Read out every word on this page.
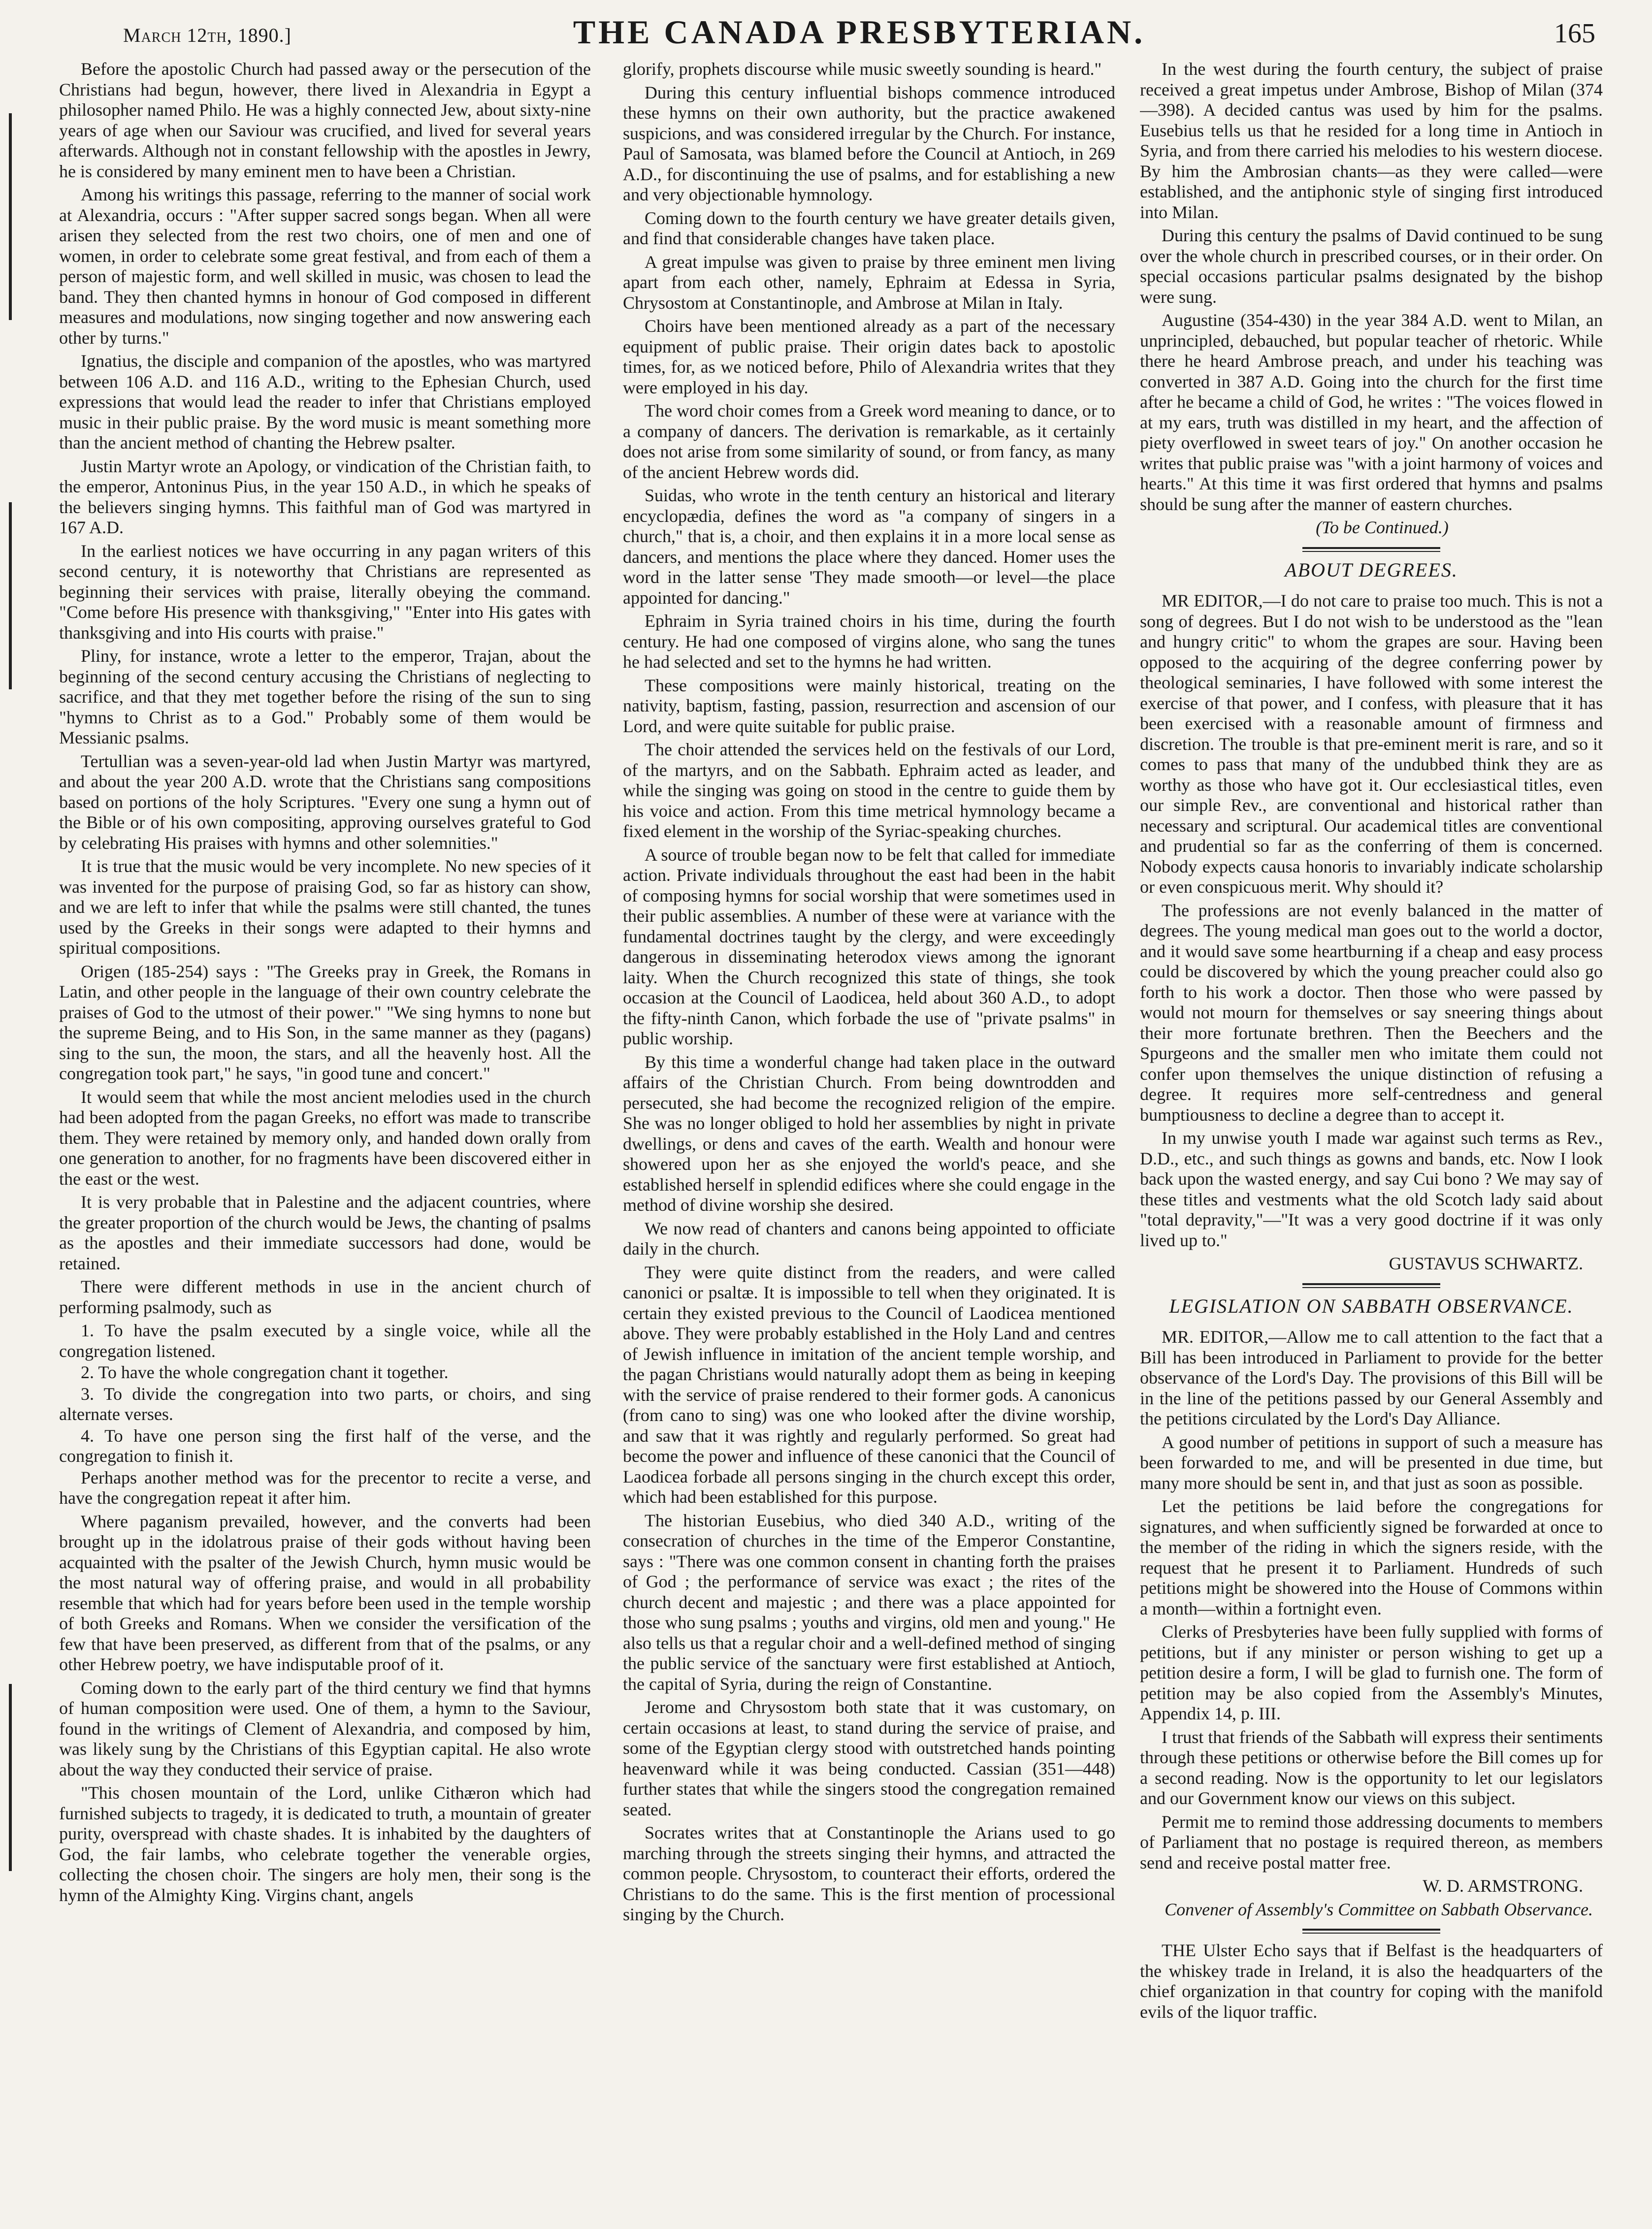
March 12th, 1890.]	THE CANADA PRESBYTERIAN.	165

Before the apostolic Church had passed away or the persecution of the Christians had begun, however, there lived in Alexandria in Egypt a philosopher named Philo. He was a highly connected Jew, about sixty-nine years of age when our Saviour was crucified, and lived for several years afterwards. Although not in constant fellowship with the apostles in Jewry, he is considered by many eminent men to have been a Christian.

Among his writings this passage, referring to the manner of social work at Alexandria, occurs : "After supper sacred songs began. When all were arisen they selected from the rest two choirs, one of men and one of women, in order to celebrate some great festival, and from each of them a person of majestic form, and well skilled in music, was chosen to lead the band. They then chanted hymns in honour of God composed in different measures and modulations, now singing together and now answering each other by turns."

Ignatius, the disciple and companion of the apostles, who was martyred between 106 A.D. and 116 A.D., writing to the Ephesian Church, used expressions that would lead the reader to infer that Christians employed music in their public praise. By the word music is meant something more than the ancient method of chanting the Hebrew psalter.

Justin Martyr wrote an Apology, or vindication of the Christian faith, to the emperor, Antoninus Pius, in the year 150 A.D., in which he speaks of the believers singing hymns. This faithful man of God was martyred in 167 A.D.

In the earliest notices we have occurring in any pagan writers of this second century, it is noteworthy that Christians are represented as beginning their services with praise, literally obeying the command. "Come before His presence with thanksgiving," "Enter into His gates with thanksgiving and into His courts with praise."

Pliny, for instance, wrote a letter to the emperor, Trajan, about the beginning of the second century accusing the Christians of neglecting to sacrifice, and that they met together before the rising of the sun to sing "hymns to Christ as to a God." Probably some of them would be Messianic psalms.

Tertullian was a seven-year-old lad when Justin Martyr was martyred, and about the year 200 A.D. wrote that the Christians sang compositions based on portions of the holy Scriptures. "Every one sung a hymn out of the Bible or of his own compositing, approving ourselves grateful to God by celebrating His praises with hymns and other solemnities."

It is true that the music would be very incomplete. No new species of it was invented for the purpose of praising God, so far as history can show, and we are left to infer that while the psalms were still chanted, the tunes used by the Greeks in their songs were adapted to their hymns and spiritual compositions.

Origen (185-254) says : "The Greeks pray in Greek, the Romans in Latin, and other people in the language of their own country celebrate the praises of God to the utmost of their power." "We sing hymns to none but the supreme Being, and to His Son, in the same manner as they (pagans) sing to the sun, the moon, the stars, and all the heavenly host. All the congregation took part," he says, "in good tune and concert."

It would seem that while the most ancient melodies used in the church had been adopted from the pagan Greeks, no effort was made to transcribe them. They were retained by memory only, and handed down orally from one generation to another, for no fragments have been discovered either in the east or the west.

It is very probable that in Palestine and the adjacent countries, where the greater proportion of the church would be Jews, the chanting of psalms as the apostles and their immediate successors had done, would be retained.

There were different methods in use in the ancient church of performing psalmody, such as

1. To have the psalm executed by a single voice, while all the congregation listened.
2. To have the whole congregation chant it together.
3. To divide the congregation into two parts, or choirs, and sing alternate verses.
4. To have one person sing the first half of the verse, and the congregation to finish it.

Perhaps another method was for the precentor to recite a verse, and have the congregation repeat it after him.

Where paganism prevailed, however, and the converts had been brought up in the idolatrous praise of their gods without having been acquainted with the psalter of the Jewish Church, hymn music would be the most natural way of offering praise, and would in all probability resemble that which had for years before been used in the temple worship of both Greeks and Romans. When we consider the versification of the few that have been preserved, as different from that of the psalms, or any other Hebrew poetry, we have indisputable proof of it.

Coming down to the early part of the third century we find that hymns of human composition were used. One of them, a hymn to the Saviour, found in the writings of Clement of Alexandria, and composed by him, was likely sung by the Christians of this Egyptian capital. He also wrote about the way they conducted their service of praise.

"This chosen mountain of the Lord, unlike Cithæron which had furnished subjects to tragedy, it is dedicated to truth, a mountain of greater purity, overspread with chaste shades. It is inhabited by the daughters of God, the fair lambs, who celebrate together the venerable orgies, collecting the chosen choir. The singers are holy men, their song is the hymn of the Almighty King. Virgins chant, angels

glorify, prophets discourse while music sweetly sounding is heard."

During this century influential bishops commence introduced these hymns on their own authority, but the practice awakened suspicions, and was considered irregular by the Church. For instance, Paul of Samosata, was blamed before the Council at Antioch, in 269 A.D., for discontinuing the use of psalms, and for establishing a new and very objectionable hymnology.

Coming down to the fourth century we have greater details given, and find that considerable changes have taken place.

A great impulse was given to praise by three eminent men living apart from each other, namely, Ephraim at Edessa in Syria, Chrysostom at Constantinople, and Ambrose at Milan in Italy.

Choirs have been mentioned already as a part of the necessary equipment of public praise. Their origin dates back to apostolic times, for, as we noticed before, Philo of Alexandria writes that they were employed in his day.

The word choir comes from a Greek word meaning to dance, or to a company of dancers. The derivation is remarkable, as it certainly does not arise from some similarity of sound, or from fancy, as many of the ancient Hebrew words did.

Suidas, who wrote in the tenth century an historical and literary encyclopædia, defines the word as "a company of singers in a church," that is, a choir, and then explains it in a more local sense as dancers, and mentions the place where they danced. Homer uses the word in the latter sense 'They made smooth—or level—the place appointed for dancing."

Ephraim in Syria trained choirs in his time, during the fourth century. He had one composed of virgins alone, who sang the tunes he had selected and set to the hymns he had written.

These compositions were mainly historical, treating on the nativity, baptism, fasting, passion, resurrection and ascension of our Lord, and were quite suitable for public praise.

The choir attended the services held on the festivals of our Lord, of the martyrs, and on the Sabbath. Ephraim acted as leader, and while the singing was going on stood in the centre to guide them by his voice and action. From this time metrical hymnology became a fixed element in the worship of the Syriac-speaking churches.

A source of trouble began now to be felt that called for immediate action. Private individuals throughout the east had been in the habit of composing hymns for social worship that were sometimes used in their public assemblies. A number of these were at variance with the fundamental doctrines taught by the clergy, and were exceedingly dangerous in disseminating heterodox views among the ignorant laity. When the Church recognized this state of things, she took occasion at the Council of Laodicea, held about 360 A.D., to adopt the fifty-ninth Canon, which forbade the use of "private psalms" in public worship.

By this time a wonderful change had taken place in the outward affairs of the Christian Church. From being downtrodden and persecuted, she had become the recognized religion of the empire. She was no longer obliged to hold her assemblies by night in private dwellings, or dens and caves of the earth. Wealth and honour were showered upon her as she enjoyed the world's peace, and she established herself in splendid edifices where she could engage in the method of divine worship she desired.

We now read of chanters and canons being appointed to officiate daily in the church.

They were quite distinct from the readers, and were called canonici or psaltæ. It is impossible to tell when they originated. It is certain they existed previous to the Council of Laodicea mentioned above. They were probably established in the Holy Land and centres of Jewish influence in imitation of the ancient temple worship, and the pagan Christians would naturally adopt them as being in keeping with the service of praise rendered to their former gods. A canonicus (from cano to sing) was one who looked after the divine worship, and saw that it was rightly and regularly performed. So great had become the power and influence of these canonici that the Council of Laodicea forbade all persons singing in the church except this order, which had been established for this purpose.

The historian Eusebius, who died 340 A.D., writing of the consecration of churches in the time of the Emperor Constantine, says : "There was one common consent in chanting forth the praises of God ; the performance of service was exact ; the rites of the church decent and majestic ; and there was a place appointed for those who sung psalms ; youths and virgins, old men and young." He also tells us that a regular choir and a well-defined method of singing the public service of the sanctuary were first established at Antioch, the capital of Syria, during the reign of Constantine.

Jerome and Chrysostom both state that it was customary, on certain occasions at least, to stand during the service of praise, and some of the Egyptian clergy stood with outstretched hands pointing heavenward while it was being conducted. Cassian (351—448) further states that while the singers stood the congregation remained seated.

Socrates writes that at Constantinople the Arians used to go marching through the streets singing their hymns, and attracted the common people. Chrysostom, to counteract their efforts, ordered the Christians to do the same. This is the first mention of processional singing by the Church.

In the west during the fourth century, the subject of praise received a great impetus under Ambrose, Bishop of Milan (374—398). A decided cantus was used by him for the psalms. Eusebius tells us that he resided for a long time in Antioch in Syria, and from there carried his melodies to his western diocese. By him the Ambrosian chants—as they were called—were established, and the antiphonic style of singing first introduced into Milan.

During this century the psalms of David continued to be sung over the whole church in prescribed courses, or in their order. On special occasions particular psalms designated by the bishop were sung.

Augustine (354-430) in the year 384 A.D. went to Milan, an unprincipled, debauched, but popular teacher of rhetoric. While there he heard Ambrose preach, and under his teaching was converted in 387 A.D. Going into the church for the first time after he became a child of God, he writes : "The voices flowed in at my ears, truth was distilled in my heart, and the affection of piety overflowed in sweet tears of joy." On another occasion he writes that public praise was "with a joint harmony of voices and hearts." At this time it was first ordered that hymns and psalms should be sung after the manner of eastern churches.

(To be Continued.)

ABOUT DEGREES.

MR EDITOR,—I do not care to praise too much. This is not a song of degrees. But I do not wish to be understood as the "lean and hungry critic" to whom the grapes are sour. Having been opposed to the acquiring of the degree conferring power by theological seminaries, I have followed with some interest the exercise of that power, and I confess, with pleasure that it has been exercised with a reasonable amount of firmness and discretion. The trouble is that pre-eminent merit is rare, and so it comes to pass that many of the undubbed think they are as worthy as those who have got it. Our ecclesiastical titles, even our simple Rev., are conventional and historical rather than necessary and scriptural. Our academical titles are conventional and prudential so far as the conferring of them is concerned. Nobody expects causa honoris to invariably indicate scholarship or even conspicuous merit. Why should it?

The professions are not evenly balanced in the matter of degrees. The young medical man goes out to the world a doctor, and it would save some heartburning if a cheap and easy process could be discovered by which the young preacher could also go forth to his work a doctor. Then those who were passed by would not mourn for themselves or say sneering things about their more fortunate brethren. Then the Beechers and the Spurgeons and the smaller men who imitate them could not confer upon themselves the unique distinction of refusing a degree. It requires more self-centredness and general bumptiousness to decline a degree than to accept it.

In my unwise youth I made war against such terms as Rev., D.D., etc., and such things as gowns and bands, etc. Now I look back upon the wasted energy, and say Cui bono ? We may say of these titles and vestments what the old Scotch lady said about "total depravity,"—"It was a very good doctrine if it was only lived up to."

GUSTAVUS SCHWARTZ.

LEGISLATION ON SABBATH OBSERVANCE.

MR. EDITOR,—Allow me to call attention to the fact that a Bill has been introduced in Parliament to provide for the better observance of the Lord's Day. The provisions of this Bill will be in the line of the petitions passed by our General Assembly and the petitions circulated by the Lord's Day Alliance.

A good number of petitions in support of such a measure has been forwarded to me, and will be presented in due time, but many more should be sent in, and that just as soon as possible.

Let the petitions be laid before the congregations for signatures, and when sufficiently signed be forwarded at once to the member of the riding in which the signers reside, with the request that he present it to Parliament. Hundreds of such petitions might be showered into the House of Commons within a month—within a fortnight even.

Clerks of Presbyteries have been fully supplied with forms of petitions, but if any minister or person wishing to get up a petition desire a form, I will be glad to furnish one. The form of petition may be also copied from the Assembly's Minutes, Appendix 14, p. III.

I trust that friends of the Sabbath will express their sentiments through these petitions or otherwise before the Bill comes up for a second reading. Now is the opportunity to let our legislators and our Government know our views on this subject.

Permit me to remind those addressing documents to members of Parliament that no postage is required thereon, as members send and receive postal matter free.

W. D. ARMSTRONG.

Convener of Assembly's Committee on Sabbath Observance.

THE Ulster Echo says that if Belfast is the headquarters of the whiskey trade in Ireland, it is also the headquarters of the chief organization in that country for coping with the manifold evils of the liquor traffic.
